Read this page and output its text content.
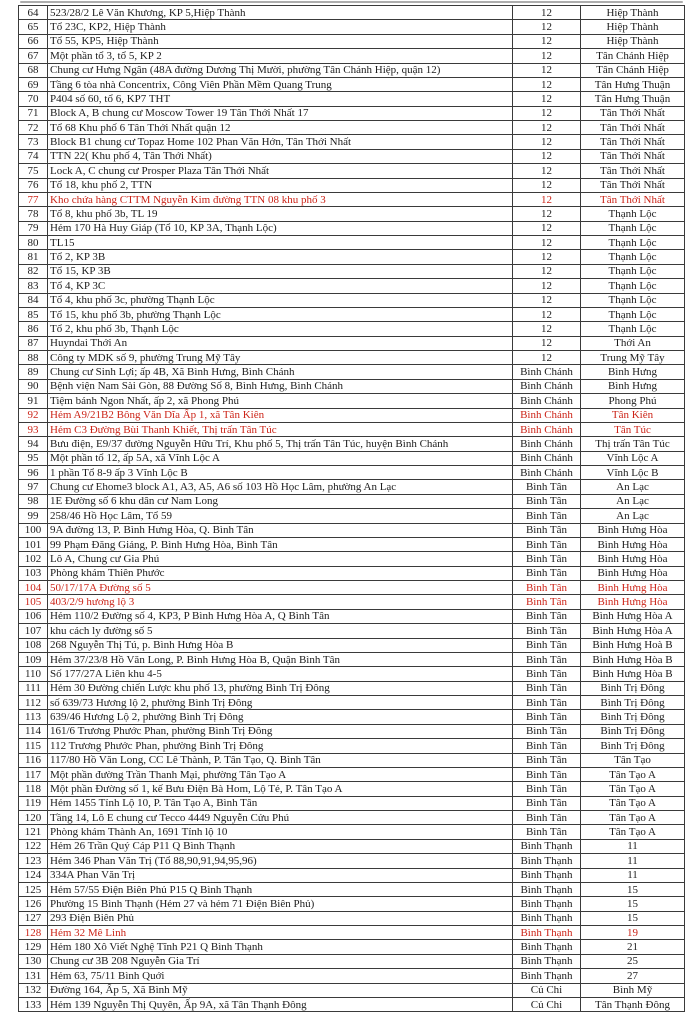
64	523/28/2 Lê Văn Khương, KP 5,Hiệp Thành	12	Hiệp Thành
65	Tổ 23C, KP2, Hiệp Thành	12	Hiệp Thành
66	Tổ 55, KP5, Hiệp Thành	12	Hiệp Thành
67	Một phần tổ 3, tổ 5, KP 2	12	Tân Chánh Hiệp
68	Chung cư Hưng Ngân (48A đường Dương Thị Mười, phường Tân Chánh Hiệp, quận 12)	12	Tân Chánh Hiệp
69	Tầng 6 tòa nhà Concentrix, Công Viên Phần Mềm Quang Trung	12	Tân Hưng Thuận
70	P404 số 60, tổ 6, KP7 THT	12	Tân Hưng Thuận
71	Block A, B chung cư Moscow Tower 19 Tân Thới Nhất 17	12	Tân Thới Nhất
72	Tổ 68 Khu phố 6 Tân Thới Nhất quận 12	12	Tân Thới Nhất
73	Block B1 chung cư Topaz Home 102 Phan Văn Hớn, Tân Thới Nhất	12	Tân Thới Nhất
74	TTN 22( Khu phố 4, Tân Thới Nhất)	12	Tân Thới Nhất
75	Lock A, C chung cư Prosper Plaza Tân Thới Nhất	12	Tân Thới Nhất
76	Tổ 18, khu phố 2, TTN	12	Tân Thới Nhất
77	Kho chứa hàng CTTM Nguyễn Kim đường TTN 08 khu phố 3	12	Tân Thới Nhất
78	Tổ 8, khu phố 3b, TL 19	12	Thạnh Lộc
79	Hẻm 170 Hà Huy Giáp (Tổ 10, KP 3A, Thạnh Lộc)	12	Thạnh Lộc
80	TL15	12	Thạnh Lộc
81	Tổ 2, KP 3B	12	Thạnh Lộc
82	Tổ 15, KP 3B	12	Thạnh Lộc
83	Tổ 4, KP 3C	12	Thạnh Lộc
84	Tổ 4, khu phố 3c, phường Thạnh Lộc	12	Thạnh Lộc
85	Tổ 15, khu phố 3b, phường Thạnh Lộc	12	Thạnh Lộc
86	Tổ 2, khu phố 3b, Thạnh Lộc	12	Thạnh Lộc
87	Huyndai Thới An	12	Thới An
88	Công ty MDK số 9, phường Trung Mỹ Tây	12	Trung Mỹ Tây
89	Chung cư Sinh Lợi; ấp 4B, Xã Bình Hưng, Bình Chánh	Bình Chánh	Bình Hưng
90	Bệnh viện Nam Sài Gòn, 88 Đường Số 8, Bình Hưng, Bình Chánh	Bình Chánh	Bình Hưng
91	Tiệm bánh Ngon Nhất, ấp 2, xã Phong Phú	Bình Chánh	Phong Phú
92	Hẻm A9/21B2 Bông Văn Dĩa Ấp 1, xã Tân Kiên	Bình Chánh	Tân Kiên
93	Hẻm C3 Đường Bùi Thanh Khiết, Thị trấn Tân Túc	Bình Chánh	Tân Túc
94	Bưu điện, E9/37 đường Nguyễn Hữu Trí, Khu phố 5, Thị trấn Tân Túc, huyện Bình Chánh	Bình Chánh	Thị trấn Tân Túc
95	Một phần tổ 12, ấp 5A, xã Vĩnh Lộc A	Bình Chánh	Vĩnh Lộc A
96	1 phần Tổ 8-9 ấp 3 Vĩnh Lộc B	Bình Chánh	Vĩnh Lộc B
97	Chung cư Ehome3 block A1, A3, A5, A6 số 103 Hồ Học Lâm, phường An Lạc	Bình Tân	An Lạc
98	1E Đường số 6 khu dân cư Nam Long	Bình Tân	An Lạc
99	258/46 Hồ Học Lâm, Tổ 59	Bình Tân	An Lạc
100	9A đường 13, P. Bình Hưng Hòa, Q. Bình Tân	Bình Tân	Bình Hưng Hòa
101	99 Phạm Đăng Giảng, P. Bình Hưng Hòa, Bình Tân	Bình Tân	Bình Hưng Hòa
102	Lô A, Chung cư Gia Phú	Bình Tân	Bình Hưng Hòa
103	Phòng khám Thiên Phước	Bình Tân	Bình Hưng Hòa
104	50/17/17A Đường số 5	Bình Tân	Bình Hưng Hòa
105	403/2/9 hương lộ 3	Bình Tân	Bình Hưng Hòa
106	Hẻm 110/2 Đường số 4, KP3, P Bình Hưng Hòa A, Q Bình Tân	Bình Tân	Bình Hưng Hòa A
107	khu cách ly đường số 5	Bình Tân	Bình Hưng Hòa A
108	268 Nguyễn Thị Tú, p. Bình Hưng Hòa B	Bình Tân	Bình Hưng Hoà B
109	Hẻm 37/23/8 Hồ Văn Long, P. Bình Hưng Hòa B, Quận Bình Tân	Bình Tân	Bình Hưng Hòa B
110	Số 177/27A Liên khu 4-5	Bình Tân	Bình Hưng Hòa B
111	Hẻm 30 Đường chiến Lược khu phố 13, phường Bình Trị Đông	Bình Tân	Bình Trị Đông
112	số 639/73 Hương lộ 2, phường Bình Trị Đông	Bình Tân	Bình Trị Đông
113	639/46 Hương Lộ 2, phường Bình Trị Đông	Bình Tân	Bình Trị Đông
114	161/6 Trương Phước Phan, phường Bình Trị Đông	Bình Tân	Bình Trị Đông
115	112 Trương Phước Phan, phường Bình Trị Đông	Bình Tân	Bình Trị Đông
116	117/80 Hồ Văn Long, CC Lê Thành, P. Tân Tạo, Q. Bình Tân	Bình Tân	Tân Tạo
117	Một phần đường Trần Thanh Mại, phường Tân Tạo A	Bình Tân	Tân Tạo A
118	Một phần Đường số 1, kế Bưu Điện Bà Hom, Lộ Tẻ, P. Tân Tạo A	Bình Tân	Tân Tạo A
119	Hẻm 1455 Tỉnh Lộ 10, P. Tân Tạo A, Bình Tân	Bình Tân	Tân Tạo A
120	Tầng 14, Lô E chung cư Tecco 4449 Nguyễn Cửu Phú	Bình Tân	Tân Tạo A
121	Phòng khám Thành An, 1691 Tỉnh lộ 10	Bình Tân	Tân Tạo A
122	Hẻm 26 Trần Quý Cáp P11 Q Bình Thạnh	Bình Thạnh	11
123	Hẻm 346 Phan Văn Trị (Tổ 88,90,91,94,95,96)	Bình Thạnh	11
124	334A Phan Văn Trị	Bình Thạnh	11
125	Hẻm 57/55 Điện Biên Phủ P15 Q Bình Thạnh	Bình Thạnh	15
126	Phường 15 Bình Thạnh (Hẻm 27 và hẻm 71 Điện Biên Phủ)	Bình Thạnh	15
127	293 Điện Biên Phủ	Bình Thạnh	15
128	Hẻm 32 Mê Linh	Bình Thạnh	19
129	Hẻm 180 Xô Viết Nghệ Tĩnh P21 Q Bình Thạnh	Bình Thạnh	21
130	Chung cư 3B 208 Nguyễn Gia Trí	Bình Thạnh	25
131	Hẻm 63, 75/11 Bình Quới	Bình Thạnh	27
132	Đường 164, Ấp 5, Xã Bình Mỹ	Củ Chi	Bình Mỹ
133	Hẻm 139 Nguyễn Thị Quyên, Ấp 9A, xã Tân Thạnh Đông	Củ Chi	Tân Thạnh Đông
